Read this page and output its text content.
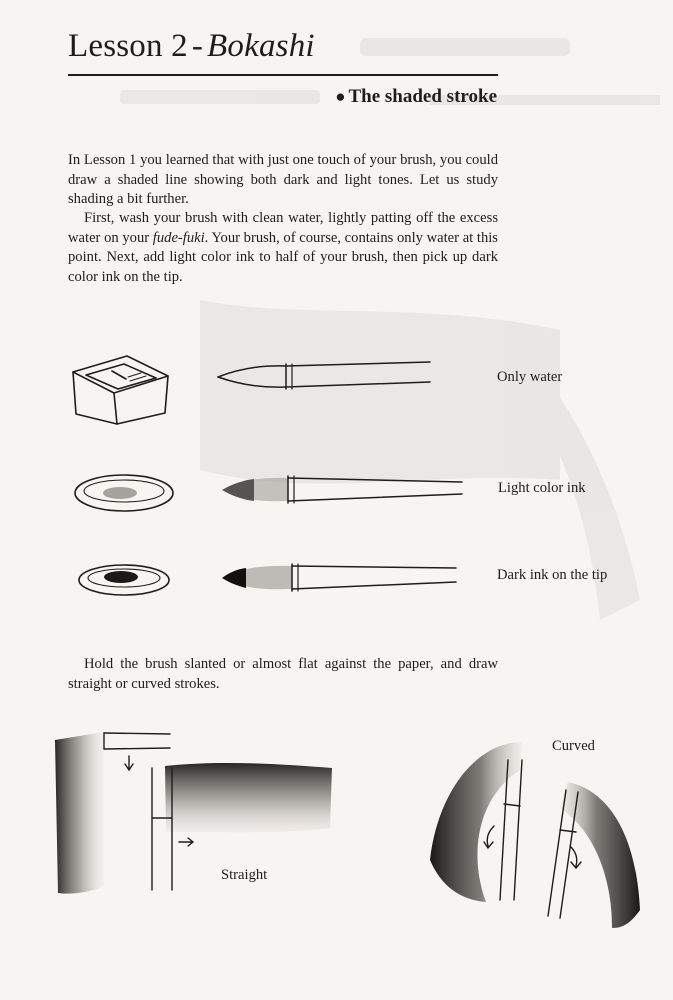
Lesson 2 - Bokashi
● The shaded stroke

In Lesson 1 you learned that with just one touch of your brush, you could draw a shaded line showing both dark and light tones. Let us study shading a bit further.

First, wash your brush with clean water, lightly patting off the excess water on your fude-fuki. Your brush, of course, contains only water at this point. Next, add light color ink to half of your brush, then pick up dark color ink on the tip.

Only water
Light color ink
Dark ink on the tip

Hold the brush slanted or almost flat against the paper, and draw straight or curved strokes.

Curved
Straight
